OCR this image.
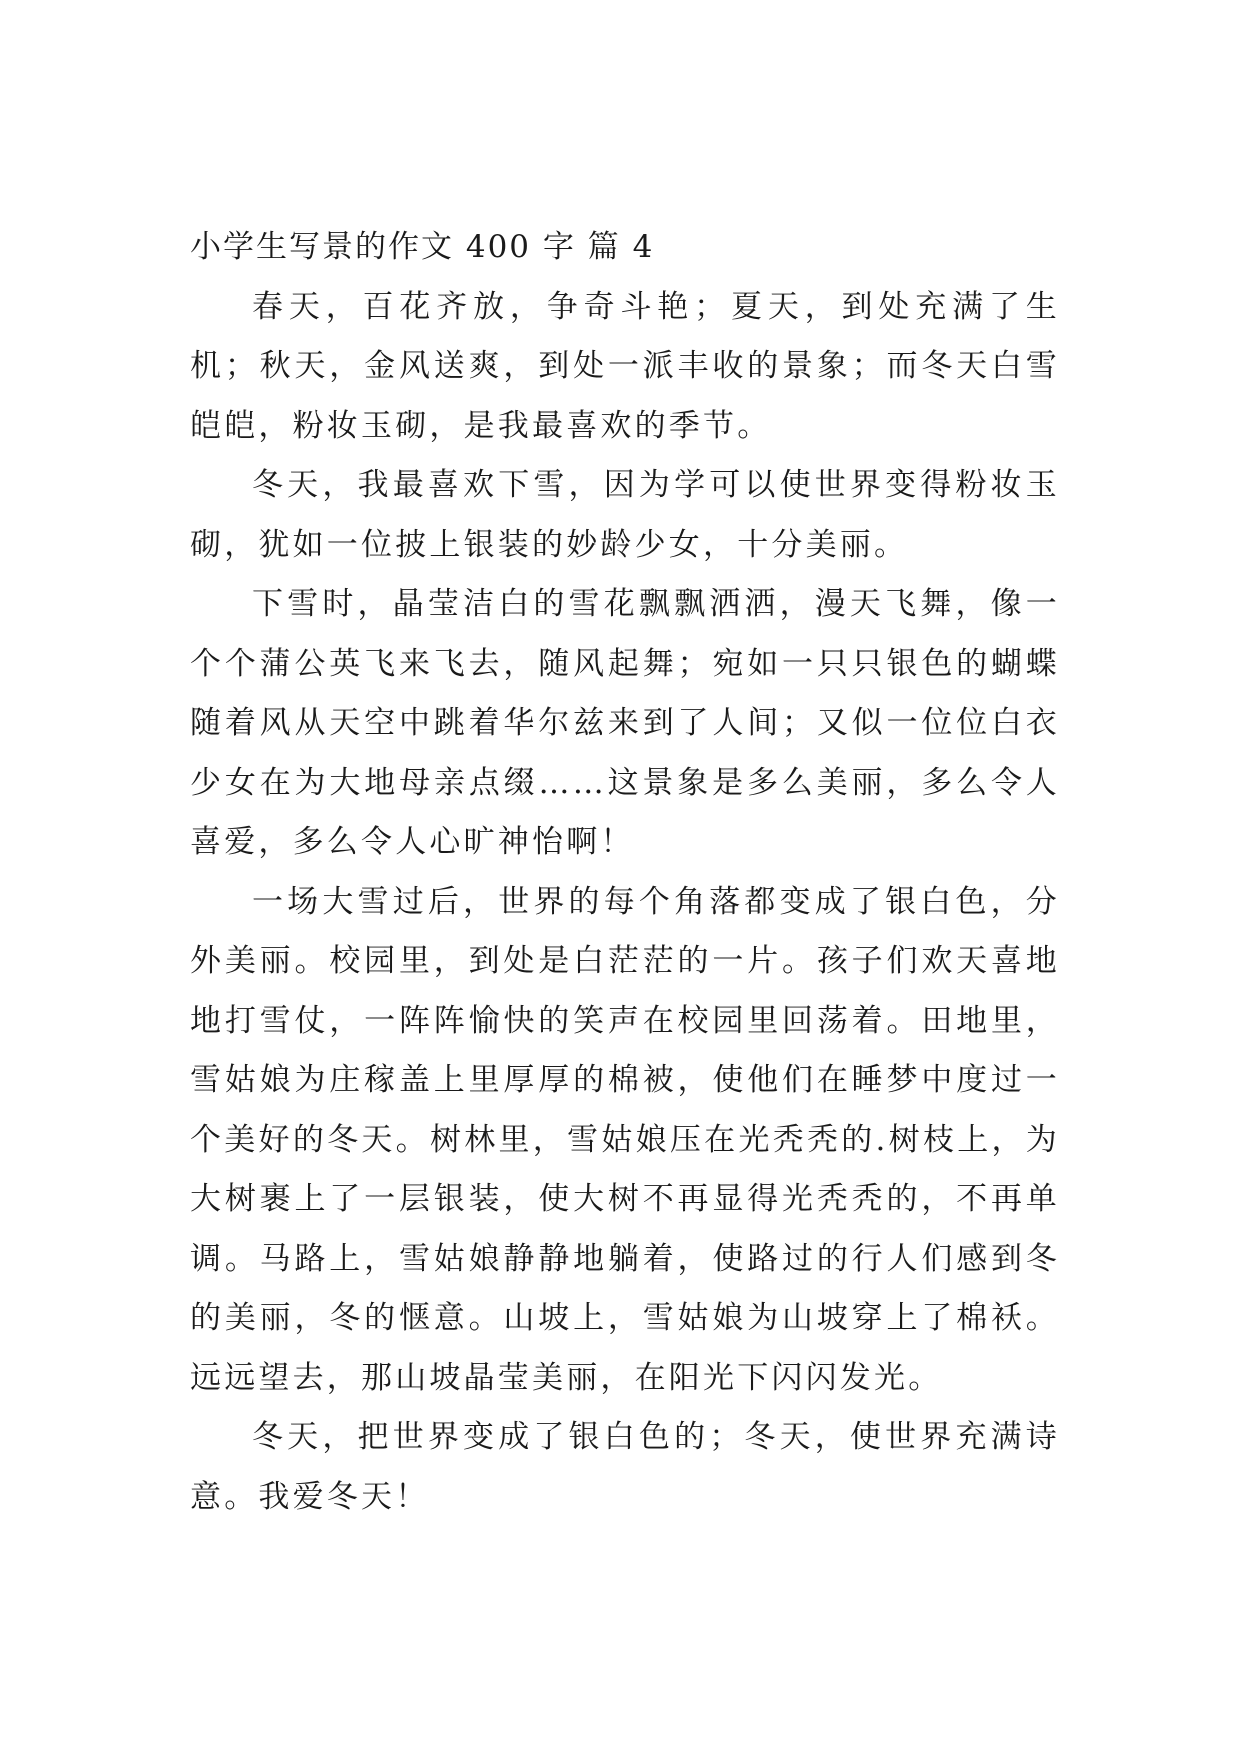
小学生写景的作文 400 字 篇 4

春天，百花齐放，争奇斗艳；夏天，到处充满了生机；秋天，金风送爽，到处一派丰收的景象；而冬天白雪皑皑，粉妆玉砌，是我最喜欢的季节。

冬天，我最喜欢下雪，因为学可以使世界变得粉妆玉砌，犹如一位披上银装的妙龄少女，十分美丽。

下雪时，晶莹洁白的雪花飘飘洒洒，漫天飞舞，像一个个蒲公英飞来飞去，随风起舞；宛如一只只银色的蝴蝶随着风从天空中跳着华尔兹来到了人间；又似一位位白衣少女在为大地母亲点缀……这景象是多么美丽，多么令人喜爱，多么令人心旷神怡啊！

一场大雪过后，世界的每个角落都变成了银白色，分外美丽。校园里，到处是白茫茫的一片。孩子们欢天喜地地打雪仗，一阵阵愉快的笑声在校园里回荡着。田地里，雪姑娘为庄稼盖上里厚厚的棉被，使他们在睡梦中度过一个美好的冬天。树林里，雪姑娘压在光秃秃的.树枝上，为大树裹上了一层银装，使大树不再显得光秃秃的，不再单调。马路上，雪姑娘静静地躺着，使路过的行人们感到冬的美丽，冬的惬意。山坡上，雪姑娘为山坡穿上了棉袄。远远望去，那山坡晶莹美丽，在阳光下闪闪发光。

冬天，把世界变成了银白色的；冬天，使世界充满诗意。我爱冬天！
